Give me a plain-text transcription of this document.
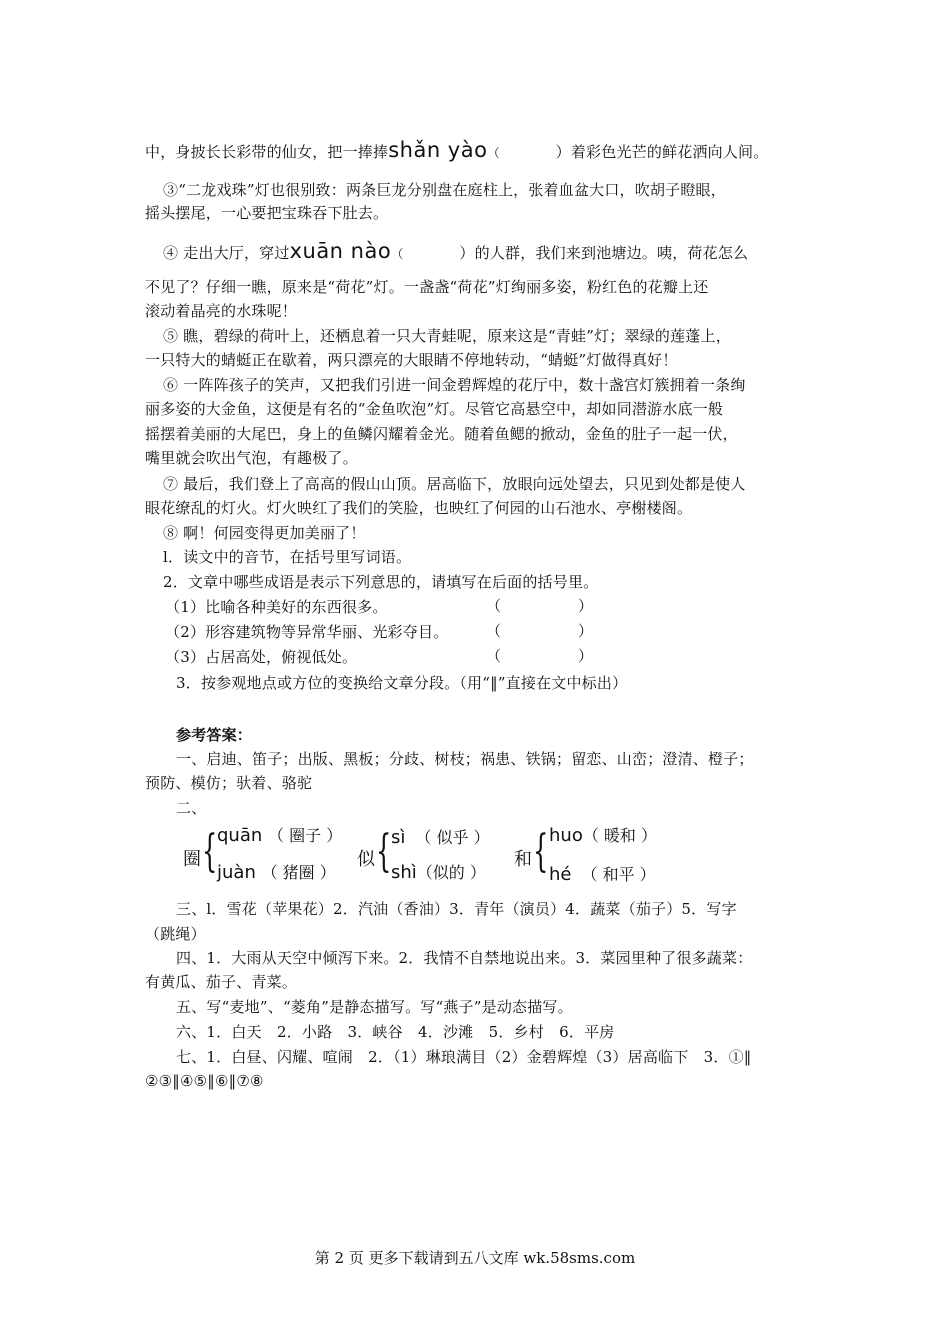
中，身披长长彩带的仙女，把一捧捧shǎn yào（	）着彩色光芒的鲜花洒向人间。
③“二龙戏珠”灯也很别致：两条巨龙分别盘在庭柱上，张着血盆大口，吹胡子瞪眼，
摇头摆尾，一心要把宝珠吞下肚去。
④ 走出大厅，穿过xuān nào（	）的人群，我们来到池塘边。咦，荷花怎么
不见了？仔细一瞧，原来是“荷花”灯。一盏盏“荷花”灯绚丽多姿，粉红色的花瓣上还
滚动着晶亮的水珠呢！
⑤ 瞧，碧绿的荷叶上，还栖息着一只大青蛙呢，原来这是“青蛙”灯；翠绿的莲蓬上，
一只特大的蜻蜓正在歇着，两只漂亮的大眼睛不停地转动，“蜻蜓”灯做得真好！
⑥ 一阵阵孩子的笑声，又把我们引进一间金碧辉煌的花厅中，数十盏宫灯簇拥着一条绚
丽多姿的大金鱼，这便是有名的“金鱼吹泡”灯。尽管它高悬空中，却如同潜游水底一般
摇摆着美丽的大尾巴，身上的鱼鳞闪耀着金光。随着鱼鳃的掀动，金鱼的肚子一起一伏，
嘴里就会吹出气泡，有趣极了。
⑦ 最后，我们登上了高高的假山山顶。居高临下，放眼向远处望去，只见到处都是使人
眼花缭乱的灯火。灯火映红了我们的笑脸，也映红了何园的山石池水、亭榭楼阁。
⑧ 啊！何园变得更加美丽了！
l．读文中的音节，在括号里写词语。
2．文章中哪些成语是表示下列意思的，请填写在后面的括号里。
（1）比喻各种美好的东西很多。	（	）
（2）形容建筑物等异常华丽、光彩夺目。	（	）
（3）占居高处，俯视低处。	（	）
3．按参观地点或方位的变换给文章分段。（用“‖”直接在文中标出）
参考答案：
一、启迪、笛子；出版、黑板；分歧、树枝；祸患、铁锅；留恋、山峦；澄清、橙子；
预防、模仿；驮着、骆驼
二、
圈 { quān （ 圈子 ）
juàn （ 猪圈 ）
似 { sì　 （ 似乎 ）
shì（似的 ）
和 { huo（ 暖和 ）
hé　 （ 和平 ）
三、l．雪花（苹果花）2．汽油（香油）3．青年（演员）4．蔬菜（茄子）5．写字
（跳绳）
四、1．大雨从天空中倾泻下来。2．我情不自禁地说出来。3．菜园里种了很多蔬菜：
有黄瓜、茄子、青菜。
五、写“麦地”、“菱角”是静态描写。写“燕子”是动态描写。
六、1．白天　2．小路　3．峡谷　4．沙滩　5．乡村　6．平房
七、1．白昼、闪耀、喧闹　2．（1）琳琅满目（2）金碧辉煌（3）居高临下　3．①‖
②③‖④⑤‖⑥‖⑦⑧
第 2 页 更多下载请到五八文库 wk.58sms.com
